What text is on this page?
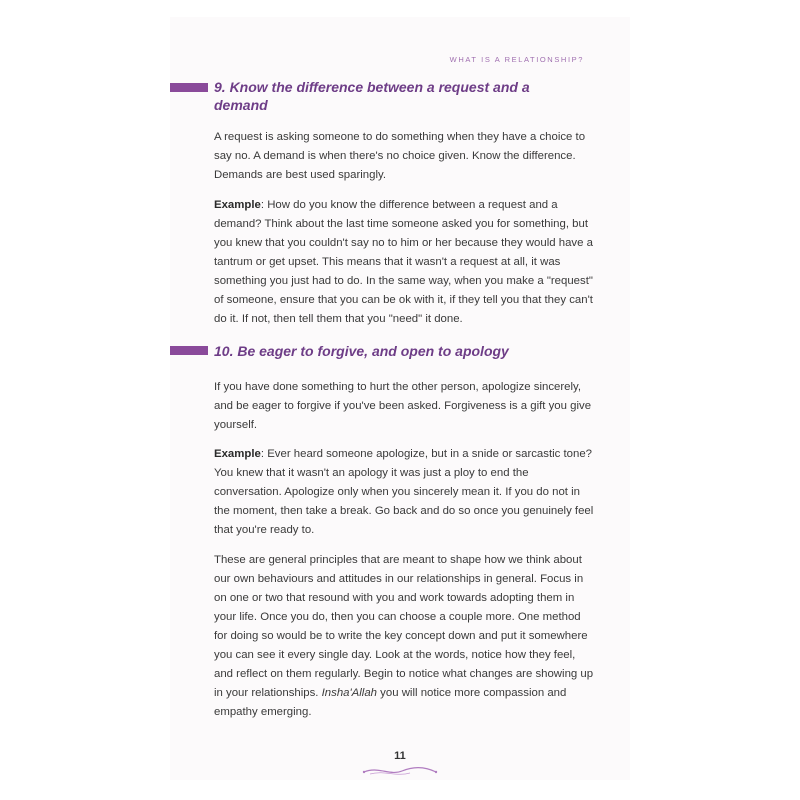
WHAT IS A RELATIONSHIP?
9. Know the difference between a request and a demand

A request is asking someone to do something when they have a choice to say no. A demand is when there's no choice given. Know the difference. Demands are best used sparingly.

Example: How do you know the difference between a request and a demand? Think about the last time someone asked you for something, but you knew that you couldn't say no to him or her because they would have a tantrum or get upset. This means that it wasn't a request at all, it was something you just had to do. In the same way, when you make a "request" of someone, ensure that you can be ok with it, if they tell you that they can't do it. If not, then tell them that you "need" it done.

10. Be eager to forgive, and open to apology

If you have done something to hurt the other person, apologize sincerely, and be eager to forgive if you've been asked. Forgiveness is a gift you give yourself.

Example: Ever heard someone apologize, but in a snide or sarcastic tone? You knew that it wasn't an apology it was just a ploy to end the conversation. Apologize only when you sincerely mean it. If you do not in the moment, then take a break. Go back and do so once you genuinely feel that you're ready to.

These are general principles that are meant to shape how we think about our own behaviours and attitudes in our relationships in general. Focus in on one or two that resound with you and work towards adopting them in your life. Once you do, then you can choose a couple more. One method for doing so would be to write the key concept down and put it somewhere you can see it every single day. Look at the words, notice how they feel, and reflect on them regularly. Begin to notice what changes are showing up in your relationships. Insha'Allah you will notice more compassion and empathy emerging.

11
